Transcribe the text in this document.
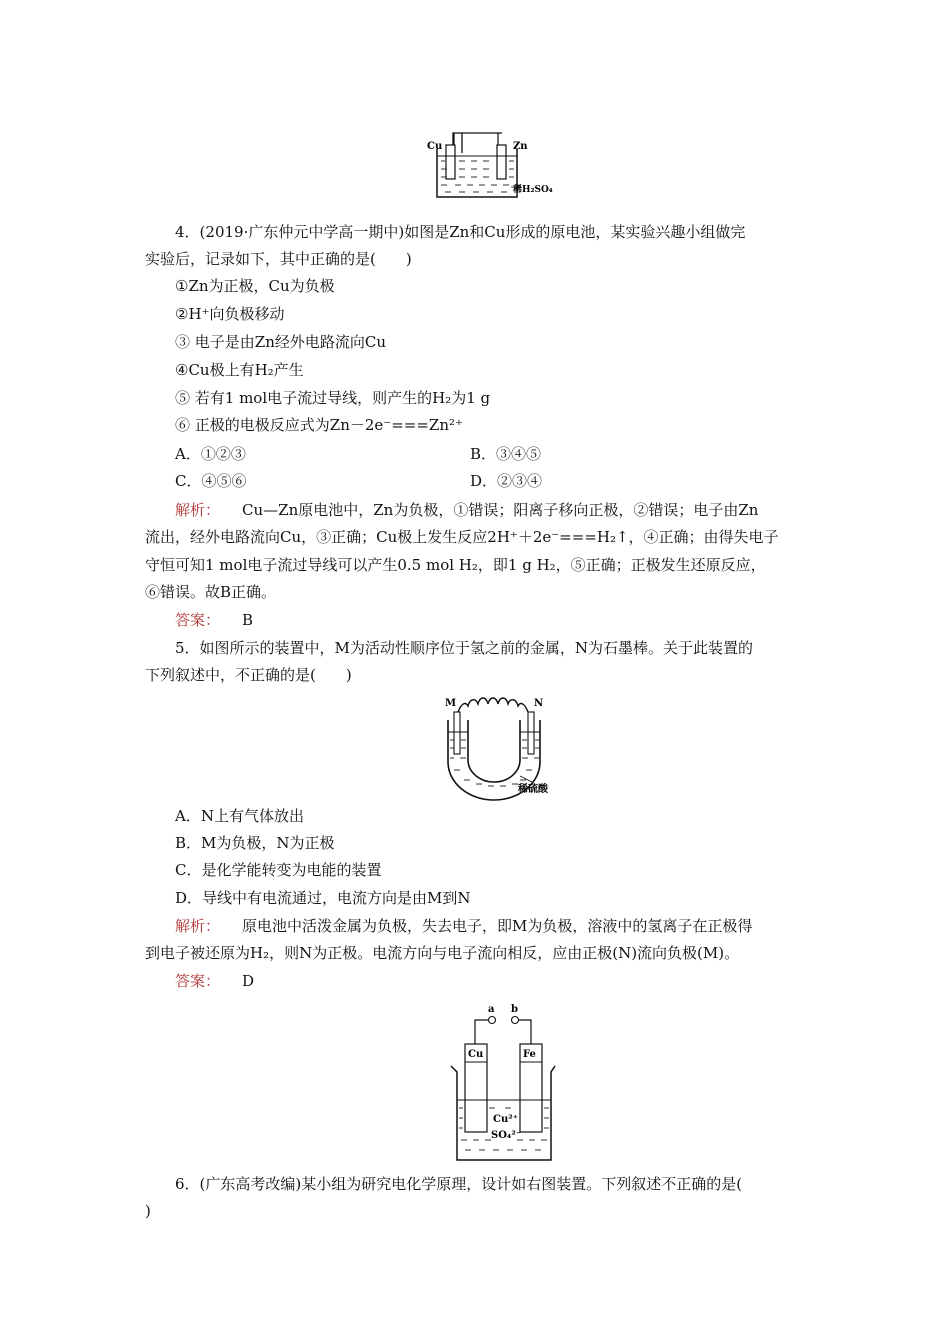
Cu	Zn
稀H₂SO₄
4．(2019·广东仲元中学高一期中)如图是Zn和Cu形成的原电池，某实验兴趣小组做完
实验后，记录如下，其中正确的是(　　)
①Zn为正极，Cu为负极
②H⁺向负极移动
③ 电子是由Zn经外电路流向Cu
④Cu极上有H₂产生
⑤ 若有1 mol电子流过导线，则产生的H₂为1 g
⑥ 正极的电极反应式为Zn－2e⁻===Zn²⁺
A．①②③	B．③④⑤
C．④⑤⑥	D．②③④
解析： Cu—Zn原电池中，Zn为负极，①错误；阳离子移向正极，②错误；电子由Zn
流出，经外电路流向Cu，③正确；Cu极上发生反应2H⁺＋2e⁻===H₂↑，④正确；由得失电子
守恒可知1 mol电子流过导线可以产生0.5 mol H₂，即1 g H₂，⑤正确；正极发生还原反应，
⑥错误。故B正确。
答案： B
5．如图所示的装置中，M为活动性顺序位于氢之前的金属，N为石墨棒。关于此装置的
下列叙述中，不正确的是(　　)
M	N
稀硫酸
A．N上有气体放出
B．M为负极，N为正极
C．是化学能转变为电能的装置
D．导线中有电流通过，电流方向是由M到N
解析： 原电池中活泼金属为负极，失去电子，即M为负极，溶液中的氢离子在正极得
到电子被还原为H₂，则N为正极。电流方向与电子流向相反，应由正极(N)流向负极(M)。
答案： D
a b
Cu	Fe
Cu²⁺
SO₄²⁻
6．(广东高考改编)某小组为研究电化学原理，设计如右图装置。下列叙述不正确的是(
)
